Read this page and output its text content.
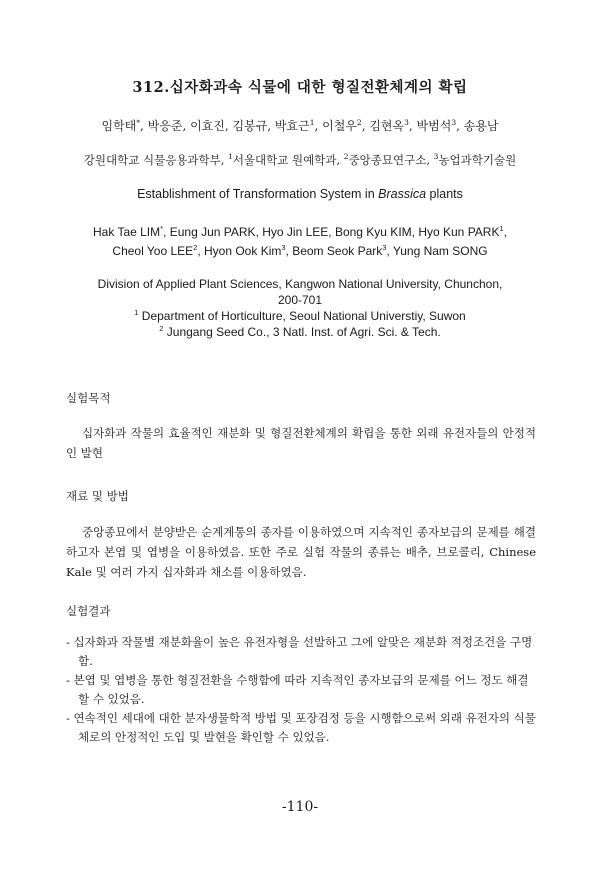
312.십자화과속 식물에 대한 형질전환체계의 확립
임학태*, 박응준, 이효진, 김봉규, 박효근$^1$, 이철우$^2$, 김현옥$^3$, 박범석$^3$, 송용남
강원대학교 식물응용과학부, $^1$서울대학교 원예학과, $^2$중앙종묘연구소, $^3$농업과학기술원
Establishment of Transformation System in Brassica plants
Hak Tae LIM*, Eung Jun PARK, Hyo Jin LEE, Bong Kyu KIM, Hyo Kun PARK$^1$,
Cheol Yoo LEE$^2$, Hyon Ook Kim$^3$, Beom Seok Park$^3$, Yung Nam SONG
Division of Applied Plant Sciences, Kangwon National University, Chunchon,
200-701
$^1$ Department of Horticulture, Seoul National Universtiy, Suwon
$^2$ Jungang Seed Co., 3 Natl. Inst. of Agri. Sci. & Tech.
실험목적
십자화과 작물의 효율적인 재분화 및 형질전환체계의 확립을 통한 외래 유전자들의 안정적인 발현
재료 및 방법
중앙종묘에서 분양받은 순계계통의 종자를 이용하였으며 지속적인 종자보급의 문제를 해결하고자 본엽 및 엽병을 이용하였음. 또한 주로 실험 작물의 종류는 배추, 브로콜리, Chinese Kale 및 여러 가지 십자화과 채소를 이용하였음.
실험결과
- 십자화과 작물별 재분화율이 높은 유전자형을 선발하고 그에 알맞은 재분화 적정조건을 구명함.
- 본엽 및 엽병을 통한 형질전환을 수행함에 따라 지속적인 종자보급의 문제를 어느 정도 해결할 수 있었음.
- 연속적인 세대에 대한 분자생물학적 방법 및 포장검정 등을 시행함으로써 외래 유전자의 식물체로의 안정적인 도입 및 발현을 확인할 수 있었음.
-110-
